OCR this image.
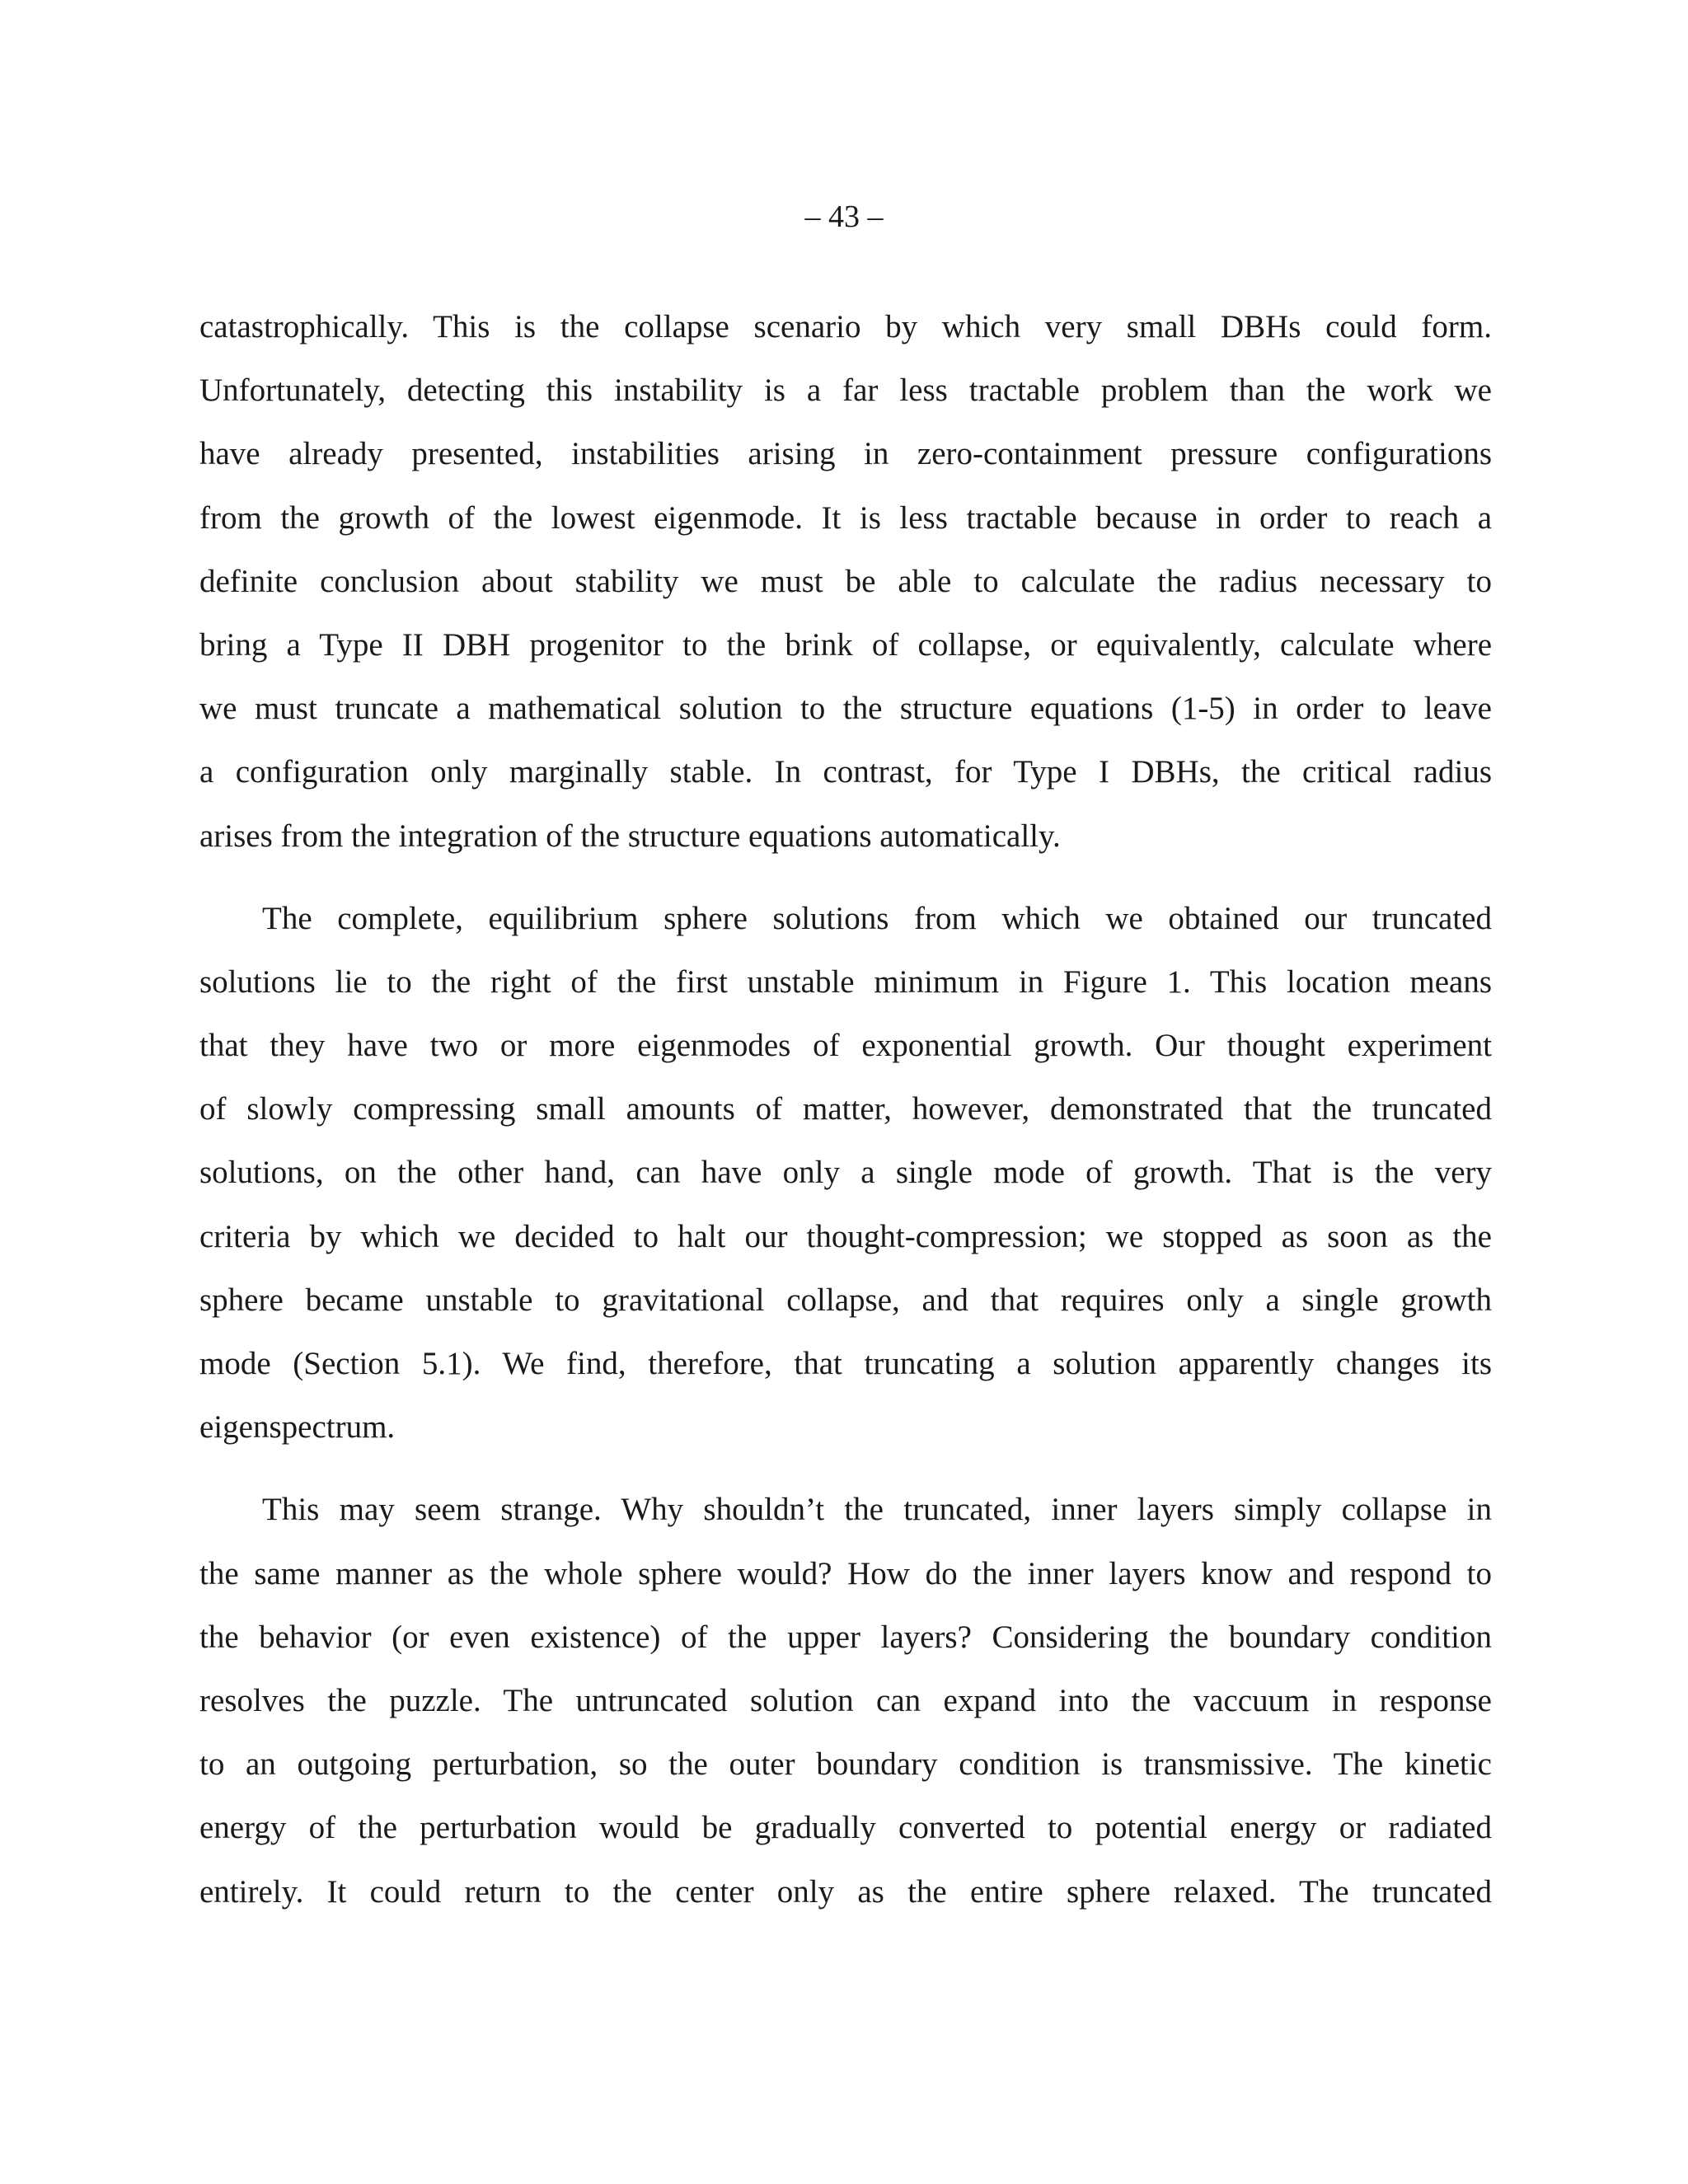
– 43 –

catastrophically. This is the collapse scenario by which very small DBHs could form.
Unfortunately, detecting this instability is a far less tractable problem than the work we
have already presented, instabilities arising in zero-containment pressure configurations
from the growth of the lowest eigenmode. It is less tractable because in order to reach a
definite conclusion about stability we must be able to calculate the radius necessary to
bring a Type II DBH progenitor to the brink of collapse, or equivalently, calculate where
we must truncate a mathematical solution to the structure equations (1-5) in order to leave
a configuration only marginally stable. In contrast, for Type I DBHs, the critical radius
arises from the integration of the structure equations automatically.

The complete, equilibrium sphere solutions from which we obtained our truncated
solutions lie to the right of the first unstable minimum in Figure 1. This location means
that they have two or more eigenmodes of exponential growth. Our thought experiment
of slowly compressing small amounts of matter, however, demonstrated that the truncated
solutions, on the other hand, can have only a single mode of growth. That is the very
criteria by which we decided to halt our thought-compression; we stopped as soon as the
sphere became unstable to gravitational collapse, and that requires only a single growth
mode (Section 5.1). We find, therefore, that truncating a solution apparently changes its
eigenspectrum.

This may seem strange. Why shouldn’t the truncated, inner layers simply collapse in
the same manner as the whole sphere would? How do the inner layers know and respond to
the behavior (or even existence) of the upper layers? Considering the boundary condition
resolves the puzzle. The untruncated solution can expand into the vaccuum in response
to an outgoing perturbation, so the outer boundary condition is transmissive. The kinetic
energy of the perturbation would be gradually converted to potential energy or radiated
entirely. It could return to the center only as the entire sphere relaxed. The truncated
